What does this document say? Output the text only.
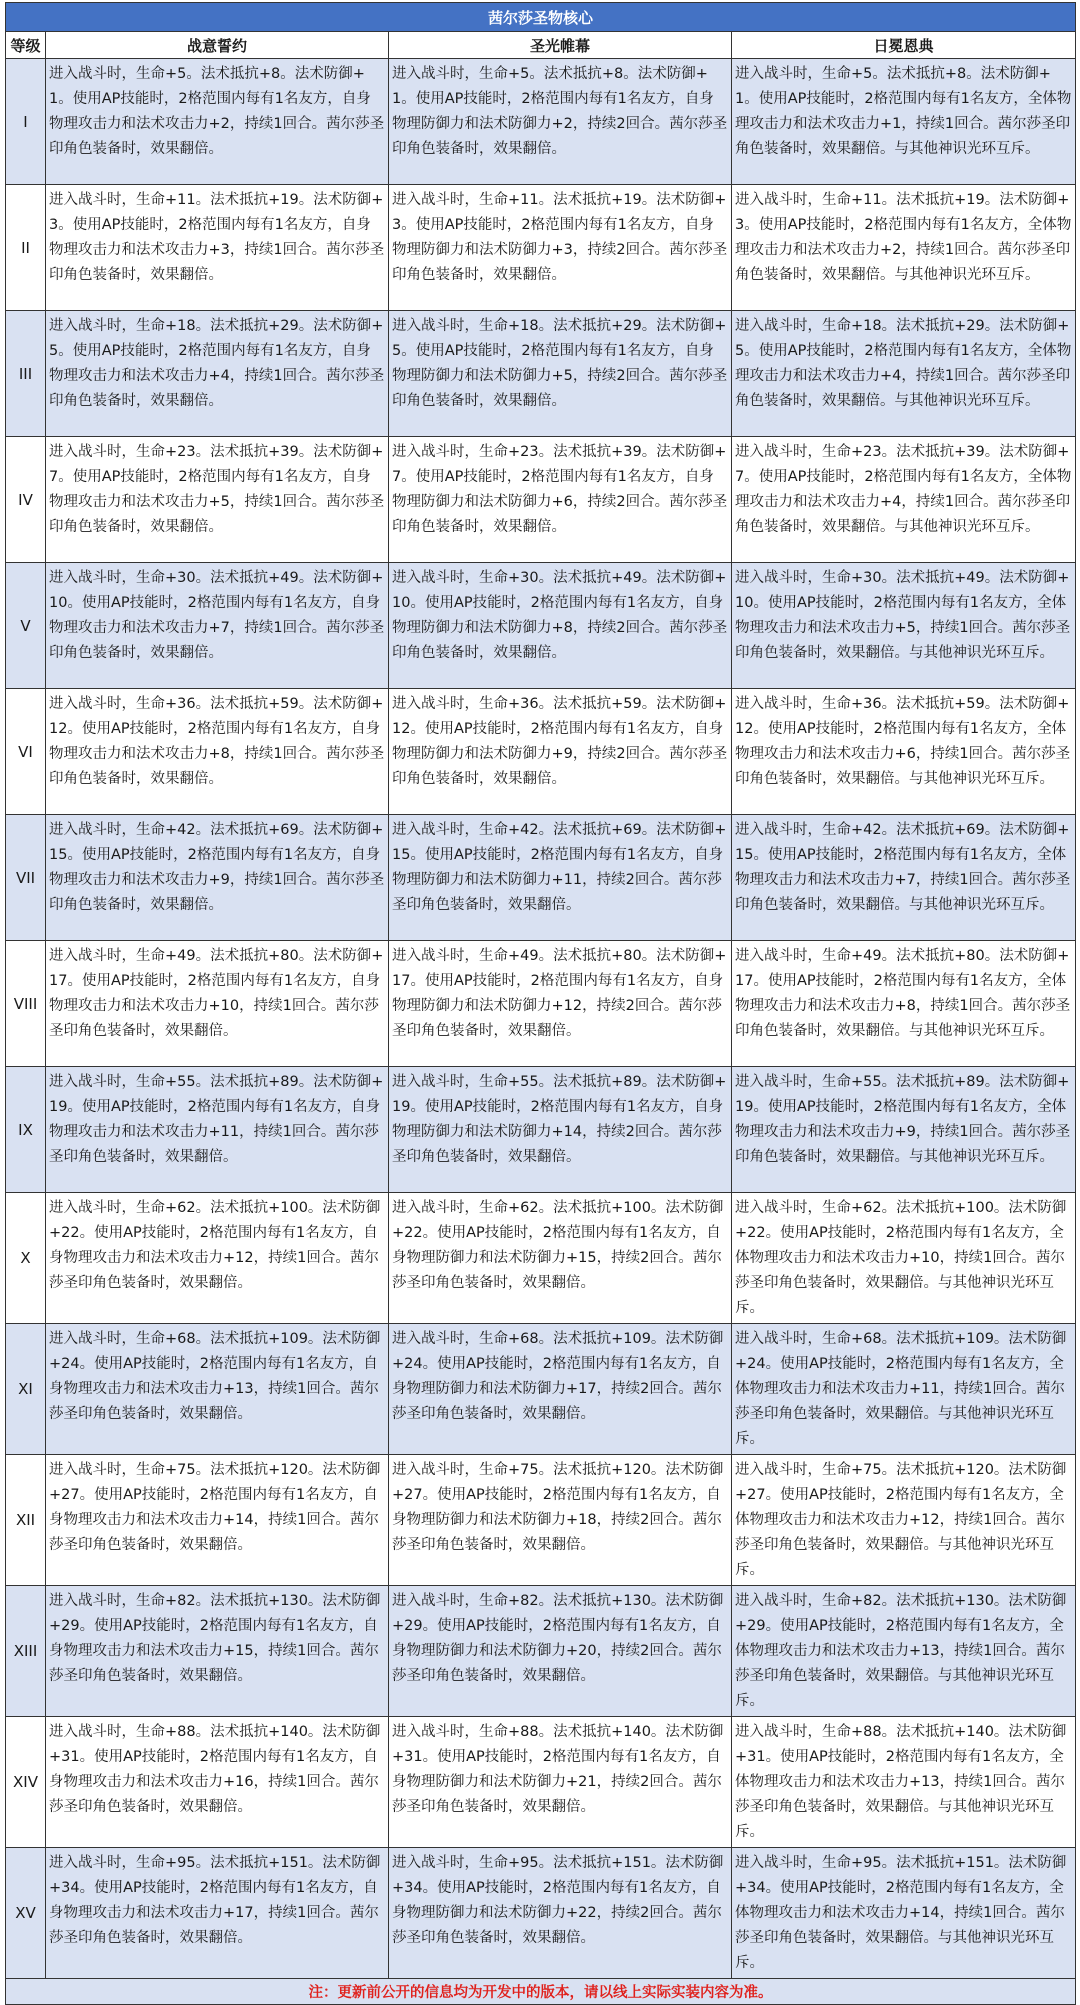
茜尔莎圣物核心			
等级	战意誓约	圣光帷幕	日冕恩典
I	进入战斗时，生命+5。法术抵抗+8。法术防御+1。使用AP技能时，2格范围内每有1名友方，自身物理攻击力和法术攻击力+2，持续1回合。茜尔莎圣印角色装备时，效果翻倍。	进入战斗时，生命+5。法术抵抗+8。法术防御+1。使用AP技能时，2格范围内每有1名友方，自身物理防御力和法术防御力+2，持续2回合。茜尔莎圣印角色装备时，效果翻倍。	进入战斗时，生命+5。法术抵抗+8。法术防御+1。使用AP技能时，2格范围内每有1名友方，全体物理攻击力和法术攻击力+1，持续1回合。茜尔莎圣印角色装备时，效果翻倍。与其他神识光环互斥。
II	进入战斗时，生命+11。法术抵抗+19。法术防御+3。使用AP技能时，2格范围内每有1名友方，自身物理攻击力和法术攻击力+3，持续1回合。茜尔莎圣印角色装备时，效果翻倍。	进入战斗时，生命+11。法术抵抗+19。法术防御+3。使用AP技能时，2格范围内每有1名友方，自身物理防御力和法术防御力+3，持续2回合。茜尔莎圣印角色装备时，效果翻倍。	进入战斗时，生命+11。法术抵抗+19。法术防御+3。使用AP技能时，2格范围内每有1名友方，全体物理攻击力和法术攻击力+2，持续1回合。茜尔莎圣印角色装备时，效果翻倍。与其他神识光环互斥。
III	进入战斗时，生命+18。法术抵抗+29。法术防御+5。使用AP技能时，2格范围内每有1名友方，自身物理攻击力和法术攻击力+4，持续1回合。茜尔莎圣印角色装备时，效果翻倍。	进入战斗时，生命+18。法术抵抗+29。法术防御+5。使用AP技能时，2格范围内每有1名友方，自身物理防御力和法术防御力+5，持续2回合。茜尔莎圣印角色装备时，效果翻倍。	进入战斗时，生命+18。法术抵抗+29。法术防御+5。使用AP技能时，2格范围内每有1名友方，全体物理攻击力和法术攻击力+4，持续1回合。茜尔莎圣印角色装备时，效果翻倍。与其他神识光环互斥。
IV	进入战斗时，生命+23。法术抵抗+39。法术防御+7。使用AP技能时，2格范围内每有1名友方，自身物理攻击力和法术攻击力+5，持续1回合。茜尔莎圣印角色装备时，效果翻倍。	进入战斗时，生命+23。法术抵抗+39。法术防御+7。使用AP技能时，2格范围内每有1名友方，自身物理防御力和法术防御力+6，持续2回合。茜尔莎圣印角色装备时，效果翻倍。	进入战斗时，生命+23。法术抵抗+39。法术防御+7。使用AP技能时，2格范围内每有1名友方，全体物理攻击力和法术攻击力+4，持续1回合。茜尔莎圣印角色装备时，效果翻倍。与其他神识光环互斥。
V	进入战斗时，生命+30。法术抵抗+49。法术防御+10。使用AP技能时，2格范围内每有1名友方，自身物理攻击力和法术攻击力+7，持续1回合。茜尔莎圣印角色装备时，效果翻倍。	进入战斗时，生命+30。法术抵抗+49。法术防御+10。使用AP技能时，2格范围内每有1名友方，自身物理防御力和法术防御力+8，持续2回合。茜尔莎圣印角色装备时，效果翻倍。	进入战斗时，生命+30。法术抵抗+49。法术防御+10。使用AP技能时，2格范围内每有1名友方，全体物理攻击力和法术攻击力+5，持续1回合。茜尔莎圣印角色装备时，效果翻倍。与其他神识光环互斥。
VI	进入战斗时，生命+36。法术抵抗+59。法术防御+12。使用AP技能时，2格范围内每有1名友方，自身物理攻击力和法术攻击力+8，持续1回合。茜尔莎圣印角色装备时，效果翻倍。	进入战斗时，生命+36。法术抵抗+59。法术防御+12。使用AP技能时，2格范围内每有1名友方，自身物理防御力和法术防御力+9，持续2回合。茜尔莎圣印角色装备时，效果翻倍。	进入战斗时，生命+36。法术抵抗+59。法术防御+12。使用AP技能时，2格范围内每有1名友方，全体物理攻击力和法术攻击力+6，持续1回合。茜尔莎圣印角色装备时，效果翻倍。与其他神识光环互斥。
VII	进入战斗时，生命+42。法术抵抗+69。法术防御+15。使用AP技能时，2格范围内每有1名友方，自身物理攻击力和法术攻击力+9，持续1回合。茜尔莎圣印角色装备时，效果翻倍。	进入战斗时，生命+42。法术抵抗+69。法术防御+15。使用AP技能时，2格范围内每有1名友方，自身物理防御力和法术防御力+11，持续2回合。茜尔莎圣印角色装备时，效果翻倍。	进入战斗时，生命+42。法术抵抗+69。法术防御+15。使用AP技能时，2格范围内每有1名友方，全体物理攻击力和法术攻击力+7，持续1回合。茜尔莎圣印角色装备时，效果翻倍。与其他神识光环互斥。
VIII	进入战斗时，生命+49。法术抵抗+80。法术防御+17。使用AP技能时，2格范围内每有1名友方，自身物理攻击力和法术攻击力+10，持续1回合。茜尔莎圣印角色装备时，效果翻倍。	进入战斗时，生命+49。法术抵抗+80。法术防御+17。使用AP技能时，2格范围内每有1名友方，自身物理防御力和法术防御力+12，持续2回合。茜尔莎圣印角色装备时，效果翻倍。	进入战斗时，生命+49。法术抵抗+80。法术防御+17。使用AP技能时，2格范围内每有1名友方，全体物理攻击力和法术攻击力+8，持续1回合。茜尔莎圣印角色装备时，效果翻倍。与其他神识光环互斥。
IX	进入战斗时，生命+55。法术抵抗+89。法术防御+19。使用AP技能时，2格范围内每有1名友方，自身物理攻击力和法术攻击力+11，持续1回合。茜尔莎圣印角色装备时，效果翻倍。	进入战斗时，生命+55。法术抵抗+89。法术防御+19。使用AP技能时，2格范围内每有1名友方，自身物理防御力和法术防御力+14，持续2回合。茜尔莎圣印角色装备时，效果翻倍。	进入战斗时，生命+55。法术抵抗+89。法术防御+19。使用AP技能时，2格范围内每有1名友方，全体物理攻击力和法术攻击力+9，持续1回合。茜尔莎圣印角色装备时，效果翻倍。与其他神识光环互斥。
X	进入战斗时，生命+62。法术抵抗+100。法术防御+22。使用AP技能时，2格范围内每有1名友方，自身物理攻击力和法术攻击力+12，持续1回合。茜尔莎圣印角色装备时，效果翻倍。	进入战斗时，生命+62。法术抵抗+100。法术防御+22。使用AP技能时，2格范围内每有1名友方，自身物理防御力和法术防御力+15，持续2回合。茜尔莎圣印角色装备时，效果翻倍。	进入战斗时，生命+62。法术抵抗+100。法术防御+22。使用AP技能时，2格范围内每有1名友方，全体物理攻击力和法术攻击力+10，持续1回合。茜尔莎圣印角色装备时，效果翻倍。与其他神识光环互斥。
XI	进入战斗时，生命+68。法术抵抗+109。法术防御+24。使用AP技能时，2格范围内每有1名友方，自身物理攻击力和法术攻击力+13，持续1回合。茜尔莎圣印角色装备时，效果翻倍。	进入战斗时，生命+68。法术抵抗+109。法术防御+24。使用AP技能时，2格范围内每有1名友方，自身物理防御力和法术防御力+17，持续2回合。茜尔莎圣印角色装备时，效果翻倍。	进入战斗时，生命+68。法术抵抗+109。法术防御+24。使用AP技能时，2格范围内每有1名友方，全体物理攻击力和法术攻击力+11，持续1回合。茜尔莎圣印角色装备时，效果翻倍。与其他神识光环互斥。
XII	进入战斗时，生命+75。法术抵抗+120。法术防御+27。使用AP技能时，2格范围内每有1名友方，自身物理攻击力和法术攻击力+14，持续1回合。茜尔莎圣印角色装备时，效果翻倍。	进入战斗时，生命+75。法术抵抗+120。法术防御+27。使用AP技能时，2格范围内每有1名友方，自身物理防御力和法术防御力+18，持续2回合。茜尔莎圣印角色装备时，效果翻倍。	进入战斗时，生命+75。法术抵抗+120。法术防御+27。使用AP技能时，2格范围内每有1名友方，全体物理攻击力和法术攻击力+12，持续1回合。茜尔莎圣印角色装备时，效果翻倍。与其他神识光环互斥。
XIII	进入战斗时，生命+82。法术抵抗+130。法术防御+29。使用AP技能时，2格范围内每有1名友方，自身物理攻击力和法术攻击力+15，持续1回合。茜尔莎圣印角色装备时，效果翻倍。	进入战斗时，生命+82。法术抵抗+130。法术防御+29。使用AP技能时，2格范围内每有1名友方，自身物理防御力和法术防御力+20，持续2回合。茜尔莎圣印角色装备时，效果翻倍。	进入战斗时，生命+82。法术抵抗+130。法术防御+29。使用AP技能时，2格范围内每有1名友方，全体物理攻击力和法术攻击力+13，持续1回合。茜尔莎圣印角色装备时，效果翻倍。与其他神识光环互斥。
XIV	进入战斗时，生命+88。法术抵抗+140。法术防御+31。使用AP技能时，2格范围内每有1名友方，自身物理攻击力和法术攻击力+16，持续1回合。茜尔莎圣印角色装备时，效果翻倍。	进入战斗时，生命+88。法术抵抗+140。法术防御+31。使用AP技能时，2格范围内每有1名友方，自身物理防御力和法术防御力+21，持续2回合。茜尔莎圣印角色装备时，效果翻倍。	进入战斗时，生命+88。法术抵抗+140。法术防御+31。使用AP技能时，2格范围内每有1名友方，全体物理攻击力和法术攻击力+13，持续1回合。茜尔莎圣印角色装备时，效果翻倍。与其他神识光环互斥。
XV	进入战斗时，生命+95。法术抵抗+151。法术防御+34。使用AP技能时，2格范围内每有1名友方，自身物理攻击力和法术攻击力+17，持续1回合。茜尔莎圣印角色装备时，效果翻倍。	进入战斗时，生命+95。法术抵抗+151。法术防御+34。使用AP技能时，2格范围内每有1名友方，自身物理防御力和法术防御力+22，持续2回合。茜尔莎圣印角色装备时，效果翻倍。	进入战斗时，生命+95。法术抵抗+151。法术防御+34。使用AP技能时，2格范围内每有1名友方，全体物理攻击力和法术攻击力+14，持续1回合。茜尔莎圣印角色装备时，效果翻倍。与其他神识光环互斥。
注：更新前公开的信息均为开发中的版本，请以线上实际实装内容为准。			
